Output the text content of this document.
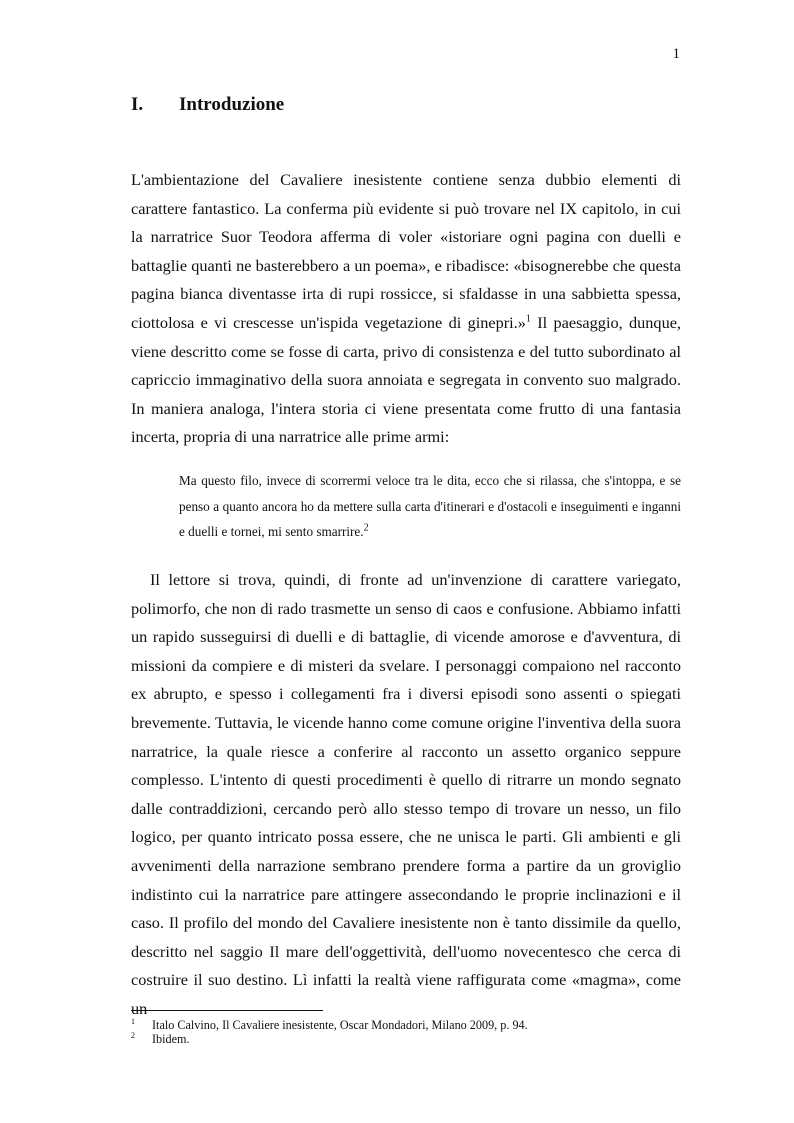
1
I. Introduzione

L'ambientazione del Cavaliere inesistente contiene senza dubbio elementi di carattere fantastico. La conferma più evidente si può trovare nel IX capitolo, in cui la narratrice Suor Teodora afferma di voler «istoriare ogni pagina con duelli e battaglie quanti ne basterebbero a un poema», e ribadisce: «bisognerebbe che questa pagina bianca diventasse irta di rupi rossicce, si sfaldasse in una sabbietta spessa, ciottolosa e vi crescesse un'ispida vegetazione di ginepri.»$^1$ Il paesaggio, dunque, viene descritto come se fosse di carta, privo di consistenza e del tutto subordinato al capriccio immaginativo della suora annoiata e segregata in convento suo malgrado. In maniera analoga, l'intera storia ci viene presentata come frutto di una fantasia incerta, propria di una narratrice alle prime armi:

Ma questo filo, invece di scorrermi veloce tra le dita, ecco che si rilassa, che s'intoppa, e se penso a quanto ancora ho da mettere sulla carta d'itinerari e d'ostacoli e inseguimenti e inganni e duelli e tornei, mi sento smarrire.$^2$

Il lettore si trova, quindi, di fronte ad un'invenzione di carattere variegato, polimorfo, che non di rado trasmette un senso di caos e confusione. Abbiamo infatti un rapido susseguirsi di duelli e di battaglie, di vicende amorose e d'avventura, di missioni da compiere e di misteri da svelare. I personaggi compaiono nel racconto ex abrupto, e spesso i collegamenti fra i diversi episodi sono assenti o spiegati brevemente. Tuttavia, le vicende hanno come comune origine l'inventiva della suora narratrice, la quale riesce a conferire al racconto un assetto organico seppure complesso. L'intento di questi procedimenti è quello di ritrarre un mondo segnato dalle contraddizioni, cercando però allo stesso tempo di trovare un nesso, un filo logico, per quanto intricato possa essere, che ne unisca le parti. Gli ambienti e gli avvenimenti della narrazione sembrano prendere forma a partire da un groviglio indistinto cui la narratrice pare attingere assecondando le proprie inclinazioni e il caso. Il profilo del mondo del Cavaliere inesistente non è tanto dissimile da quello, descritto nel saggio Il mare dell'oggettività, dell'uomo novecentesco che cerca di costruire il suo destino. Lì infatti la realtà viene raffigurata come «magma», come un

1 Italo Calvino, Il Cavaliere inesistente, Oscar Mondadori, Milano 2009, p. 94.
2 Ibidem.
